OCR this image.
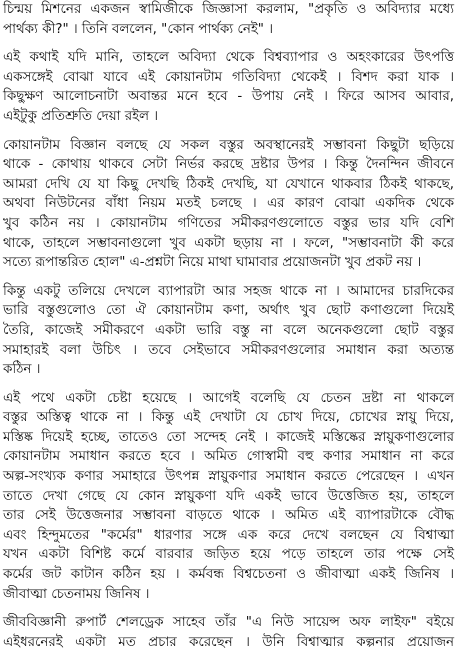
চিন্ময় মিশনের একজন স্বামিজীকে জিজ্ঞাসা করলাম, "প্রকৃতি ও অবিদ্যার মধ্যে
পার্থক্য কী?" । তিনি বললেন, "কোন পার্থক্য নেই" ।
এই কথাই যদি মানি, তাহলে অবিদ্যা থেকে বিশ্বব্যাপার ও অহংকারের উৎপত্তি
একসঙ্গেই বোঝা যাবে এই কোয়ানটাম গতিবিদ্যা থেকেই । বিশদ করা যাক ।
কিছুক্ষণ আলোচনাটা অবান্তর মনে হবে - উপায় নেই । ফিরে আসব আবার,
এইটুকু প্রতিশ্রুতি দেয়া রইল ।
কোয়ানটাম বিজ্ঞান বলছে যে সকল বস্তুর অবস্থানেরই সম্ভাবনা কিছুটা ছড়িয়ে
থাকে - কোথায় থাকবে সেটা নির্ভর করছে দ্রষ্টার উপর । কিন্তু দৈনন্দিন জীবনে
আমরা দেখি যে যা কিছু দেখছি ঠিকই দেখছি, যা যেখানে থাকবার ঠিকই থাকছে,
অথবা নিউটনের বাঁধা নিয়ম মতই চলছে । এর কারণ বোঝা একদিক থেকে
খুব কঠিন নয় । কোয়ানটাম গণিতের সমীকরণগুলোতে বস্তুর ভার যদি বেশি
থাকে, তাহলে সম্ভাবনাগুলো খুব একটা ছড়ায় না । ফলে, "সম্ভাবনাটা কী করে
সত্যে রূপান্তরিত হোল" এ-প্রশ্নটা নিয়ে মাথা ঘামাবার প্রয়োজনটা খুব প্রকট নয় ।
কিন্তু একটু তলিয়ে দেখলে ব্যাপারটা আর সহজ থাকে না । আমাদের চারদিকের
ভারি বস্তুগুলোও তো ঐ কোয়ানটাম কণা, অর্থাৎ খুব ছোট কণাগুলো দিয়েই
তৈরি, কাজেই সমীকরণে একটা ভারি বস্তু না বলে অনেকগুলো ছোট বস্তুর
সমাহারই বলা উচিৎ । তবে সেইভাবে সমীকরণগুলোর সমাধান করা অত্যন্ত
কঠিন ।
এই পথে একটা চেষ্টা হয়েছে । আগেই বলেছি যে চেতন দ্রষ্টা না থাকলে
বস্তুর অস্তিত্ব থাকে না । কিন্তু এই দেখাটা যে চোখ দিয়ে, চোখের স্নায়ু দিয়ে,
মস্তিষ্ক দিয়েই হচ্ছে, তাতেও তো সন্দেহ নেই । কাজেই মস্তিষ্কের স্নায়ুকণাগুলোর
কোয়ানটাম সমাধান করতে হবে । অমিত গোস্বামী বহু কণার সমাধান না করে
অল্প-সংখ্যক কণার সমাহারে উৎপন্ন স্নায়ুকণার সমাধান করতে পেরেছেন । এখন
তাতে দেখা গেছে যে কোন স্নায়ুকণা যদি একই ভাবে উত্তেজিত হয়, তাহলে
তার সেই উত্তেজনার সম্ভাবনা বাড়তে থাকে । অমিত এই ব্যাপারটাকে বৌদ্ধ
এবং হিন্দুমতের "কর্মের" ধারণার সঙ্গে এক করে দেখে বলছেন যে বিশ্বাত্মা
যখন একটা বিশিষ্ট কর্মে বারবার জড়িত হয়ে পড়ে তাহলে তার পক্ষে সেই
কর্মের জট কাটান কঠিন হয় । কর্মবন্ধ বিশ্বচেতনা ও জীবাত্মা একই জিনিষ ।
জীবাত্মা চেতনাময় জিনিষ ।
জীববিজ্ঞানী রুপার্ট শেলড্রেক সাহেব তাঁর "এ নিউ সায়েন্স অফ লাইফ" বইয়ে
এইধরনেরই একটা মত প্রচার করেছেন । উনি বিশ্বাত্মার কল্পনার প্রয়োজন
